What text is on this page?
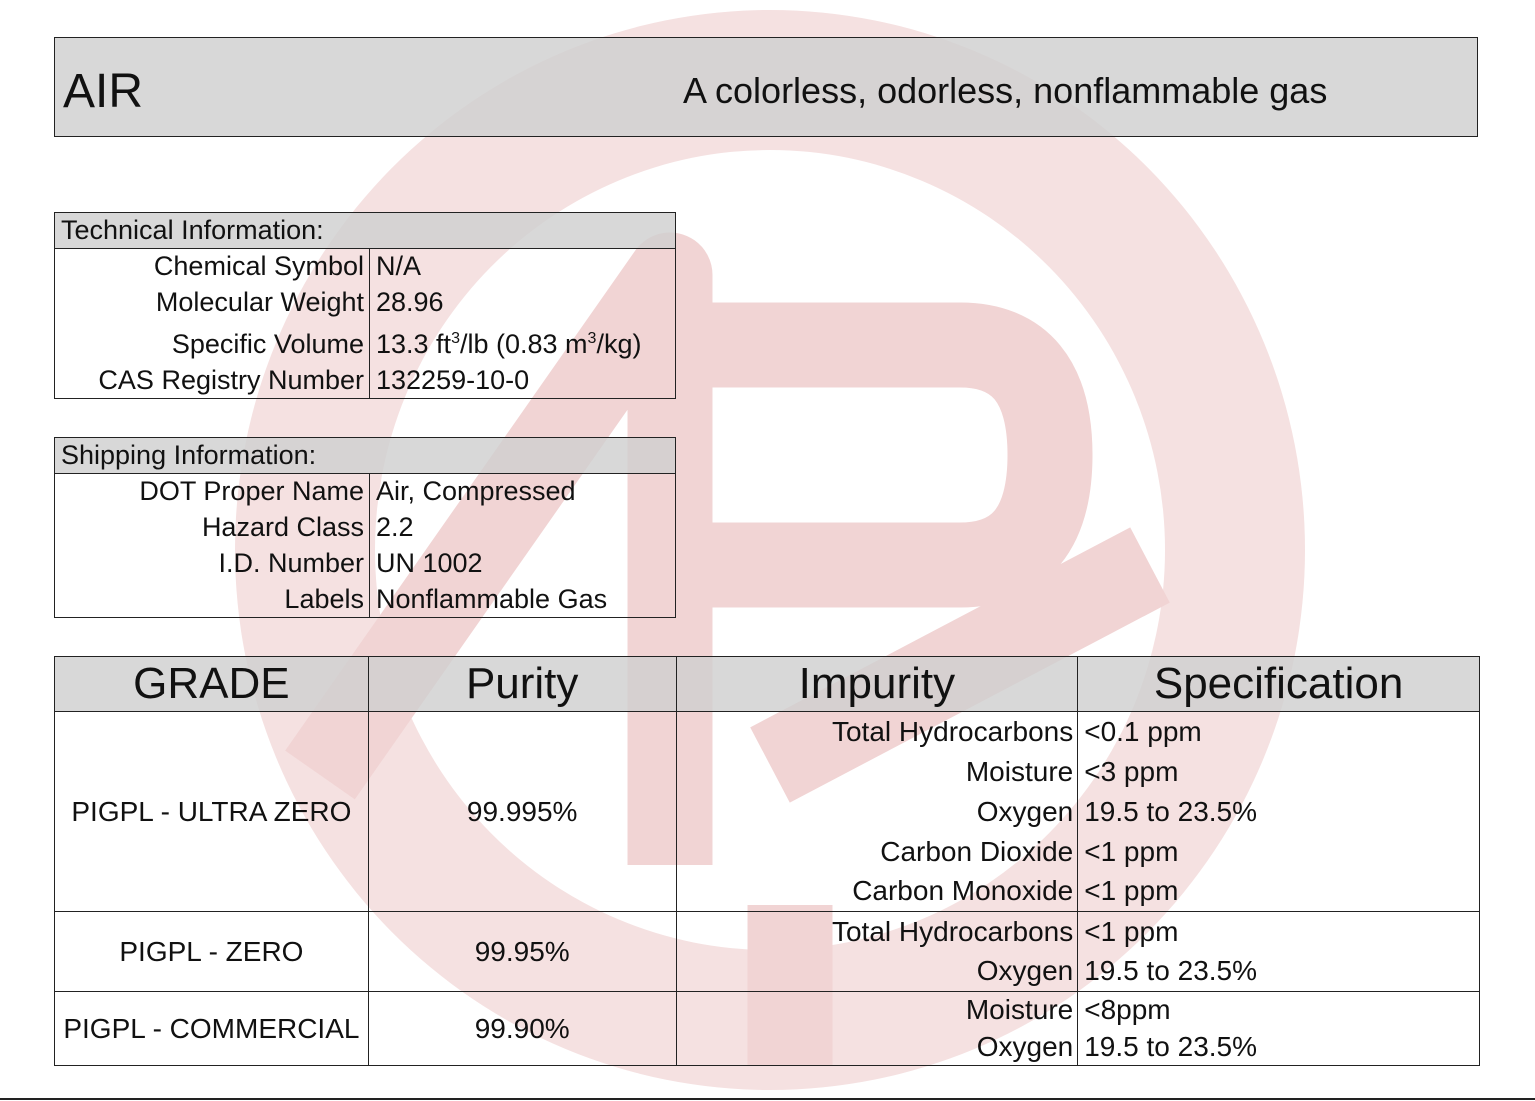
AIR	A colorless, odorless, nonflammable gas
Technical Information:	
Chemical Symbol	N/A
Molecular Weight	28.96
Specific Volume	13.3 $ft^3/lb$ (0.83 $m^3/kg$)
CAS Registry Number	132259-10-0
Shipping Information:	
DOT Proper Name	Air, Compressed
Hazard Class	2.2
I.D. Number	UN 1002
Labels	Nonflammable Gas
GRADE	Purity	Impurity	Specification
PIGPL - ULTRA ZERO	99.995%	Total Hydrocarbons	<0.1 ppm
		Moisture	<3 ppm
		Oxygen	19.5 to 23.5%
		Carbon Dioxide	<1 ppm
		Carbon Monoxide	<1 ppm
PIGPL - ZERO	99.95%	Total Hydrocarbons	<1 ppm
		Oxygen	19.5 to 23.5%
PIGPL - COMMERCIAL	99.90%	Moisture	<8ppm
		Oxygen	19.5 to 23.5%
